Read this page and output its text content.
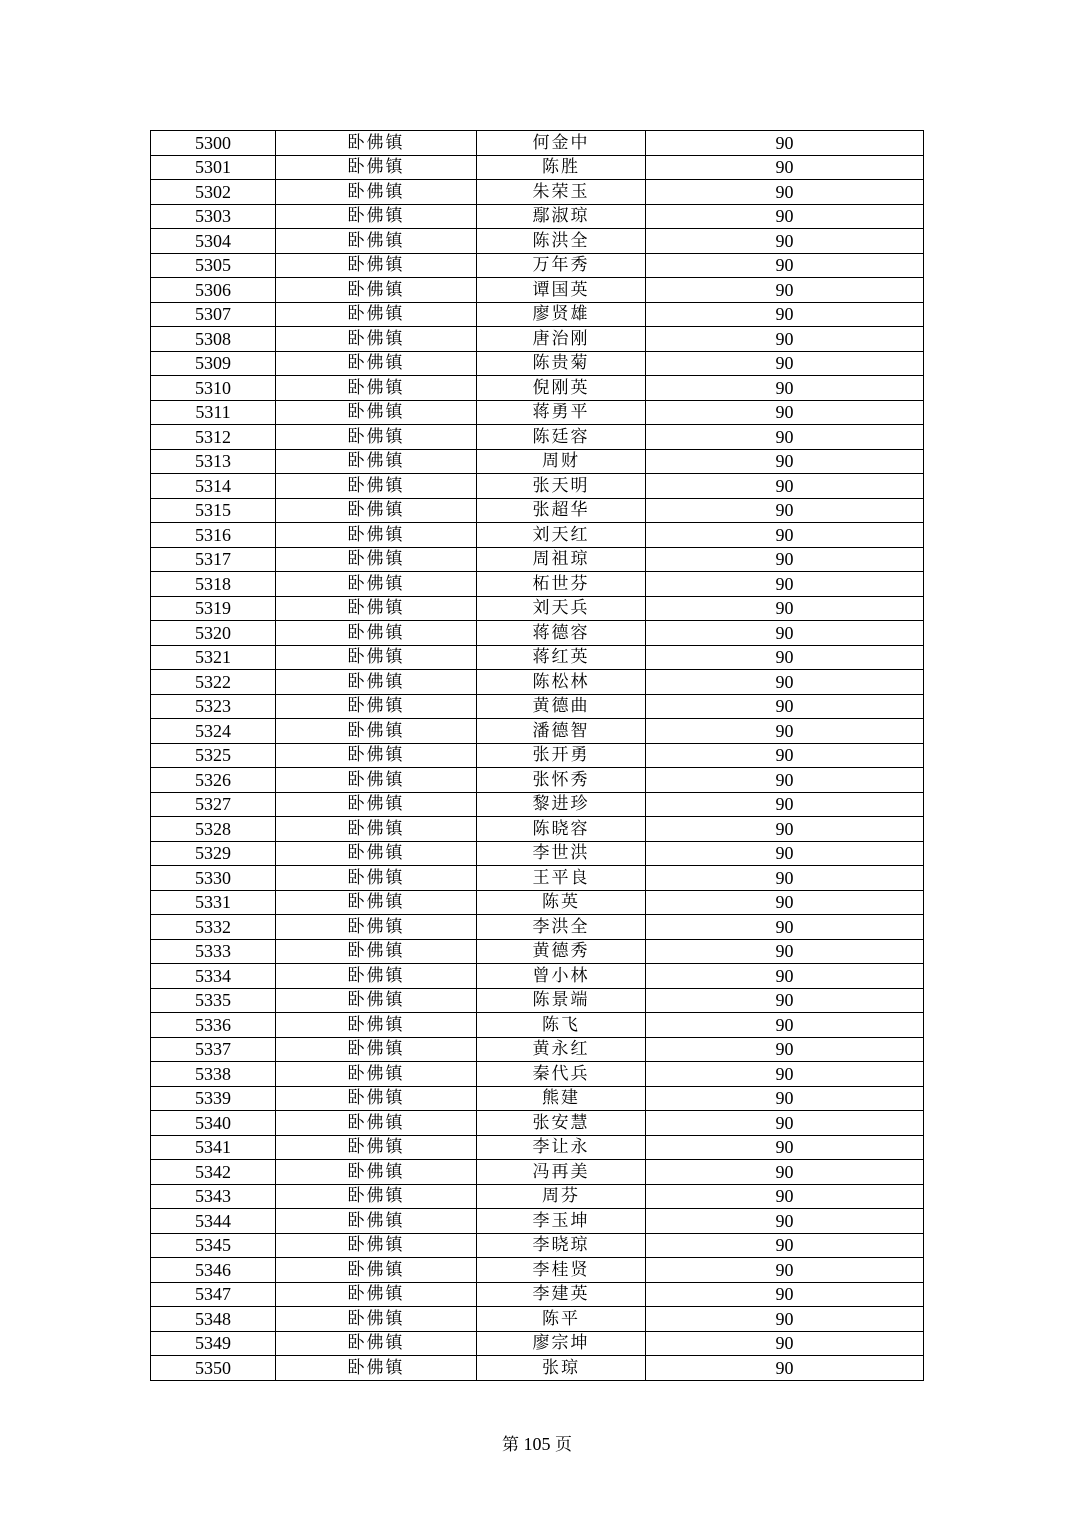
5300	卧佛镇	何金中	90
5301	卧佛镇	陈胜	90
5302	卧佛镇	朱荣玉	90
5303	卧佛镇	鄢淑琼	90
5304	卧佛镇	陈洪全	90
5305	卧佛镇	万年秀	90
5306	卧佛镇	谭国英	90
5307	卧佛镇	廖贤雄	90
5308	卧佛镇	唐治刚	90
5309	卧佛镇	陈贵菊	90
5310	卧佛镇	倪刚英	90
5311	卧佛镇	蒋勇平	90
5312	卧佛镇	陈廷容	90
5313	卧佛镇	周财	90
5314	卧佛镇	张天明	90
5315	卧佛镇	张超华	90
5316	卧佛镇	刘天红	90
5317	卧佛镇	周祖琼	90
5318	卧佛镇	柘世芬	90
5319	卧佛镇	刘天兵	90
5320	卧佛镇	蒋德容	90
5321	卧佛镇	蒋红英	90
5322	卧佛镇	陈松林	90
5323	卧佛镇	黄德曲	90
5324	卧佛镇	潘德智	90
5325	卧佛镇	张开勇	90
5326	卧佛镇	张怀秀	90
5327	卧佛镇	黎进珍	90
5328	卧佛镇	陈晓容	90
5329	卧佛镇	李世洪	90
5330	卧佛镇	王平良	90
5331	卧佛镇	陈英	90
5332	卧佛镇	李洪全	90
5333	卧佛镇	黄德秀	90
5334	卧佛镇	曾小林	90
5335	卧佛镇	陈景端	90
5336	卧佛镇	陈飞	90
5337	卧佛镇	黄永红	90
5338	卧佛镇	秦代兵	90
5339	卧佛镇	熊建	90
5340	卧佛镇	张安慧	90
5341	卧佛镇	李让永	90
5342	卧佛镇	冯再美	90
5343	卧佛镇	周芬	90
5344	卧佛镇	李玉坤	90
5345	卧佛镇	李晓琼	90
5346	卧佛镇	李桂贤	90
5347	卧佛镇	李建英	90
5348	卧佛镇	陈平	90
5349	卧佛镇	廖宗坤	90
5350	卧佛镇	张琼	90
第 105 页
